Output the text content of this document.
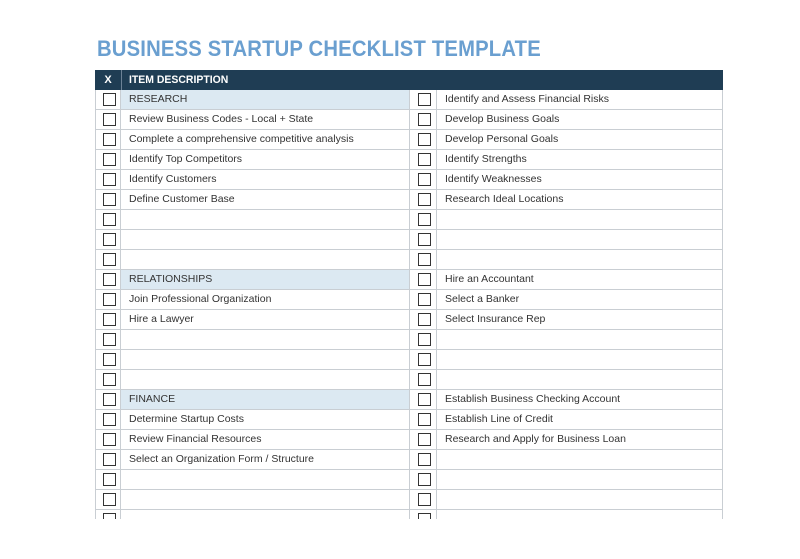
BUSINESS STARTUP CHECKLIST TEMPLATE
X	ITEM DESCRIPTION
RESEARCH	Identify and Assess Financial Risks
Review Business Codes - Local + State	Develop Business Goals
Complete a comprehensive competitive analysis	Develop Personal Goals
Identify Top Competitors	Identify Strengths
Identify Customers	Identify Weaknesses
Define Customer Base	Research Ideal Locations
RELATIONSHIPS	Hire an Accountant
Join Professional Organization	Select a Banker
Hire a Lawyer	Select Insurance Rep
FINANCE	Establish Business Checking Account
Determine Startup Costs	Establish Line of Credit
Review Financial Resources	Research and Apply for Business Loan
Select an Organization Form / Structure
